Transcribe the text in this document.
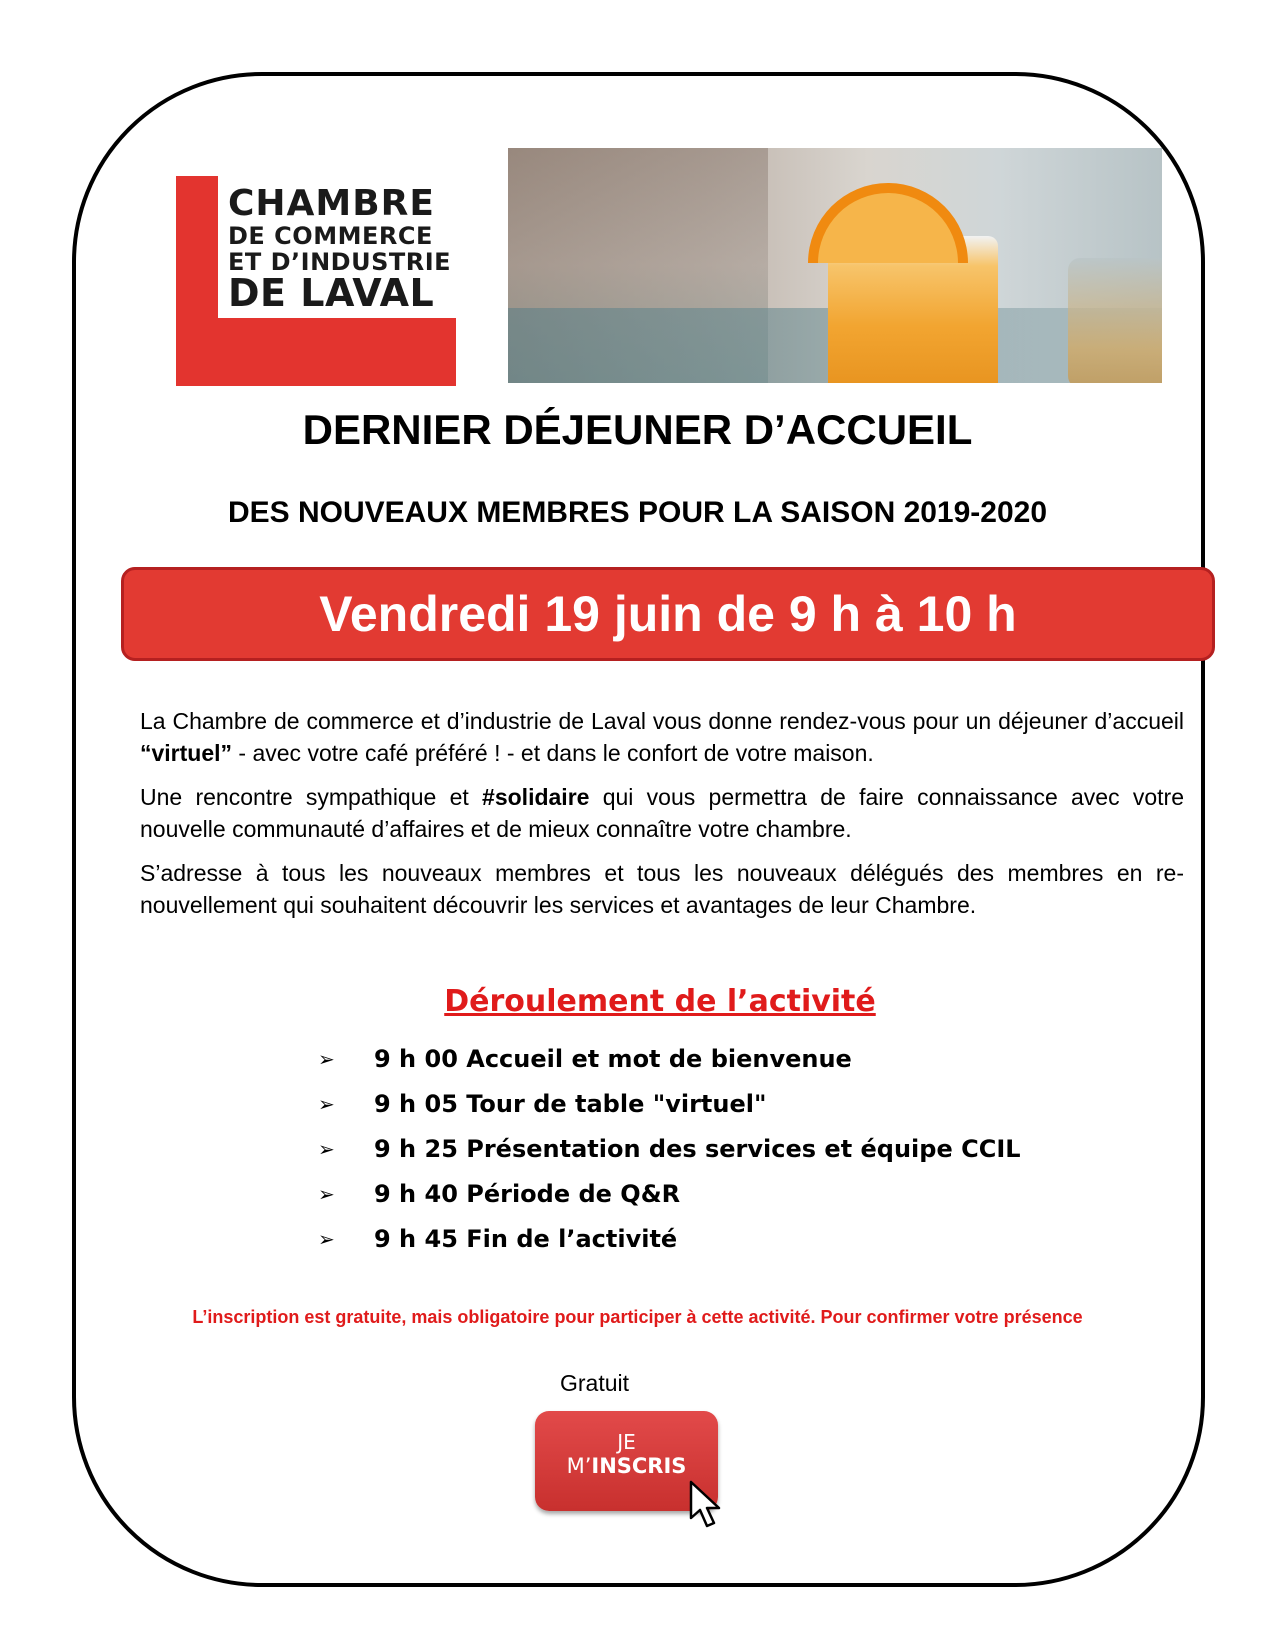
CHAMBRE
DE COMMERCE
ET D’INDUSTRIE
DE LAVAL
DERNIER DÉJEUNER D’ACCUEIL
DES NOUVEAUX MEMBRES POUR LA SAISON 2019-2020
Vendredi 19 juin de 9 h à 10 h

La Chambre de commerce et d’industrie de Laval vous donne rendez-vous pour un déjeuner d’accueil “virtuel” - avec votre café préféré ! - et dans le confort de votre maison.

Une rencontre sympathique et #solidaire qui vous permettra de faire connaissance avec votre nouvelle communauté d’affaires et de mieux connaître votre chambre.

S’adresse à tous les nouveaux membres et tous les nouveaux délégués des membres en re-nouvellement qui souhaitent découvrir les services et avantages de leur Chambre.

Déroulement de l’activité
➢	9 h 00 Accueil et mot de bienvenue
➢	9 h 05 Tour de table "virtuel"
➢	9 h 25 Présentation des services et équipe CCIL
➢	9 h 40 Période de Q&R
➢	9 h 45 Fin de l’activité
L’inscription est gratuite, mais obligatoire pour participer à cette activité. Pour confirmer votre présence
Gratuit
JE
M’INSCRIS
